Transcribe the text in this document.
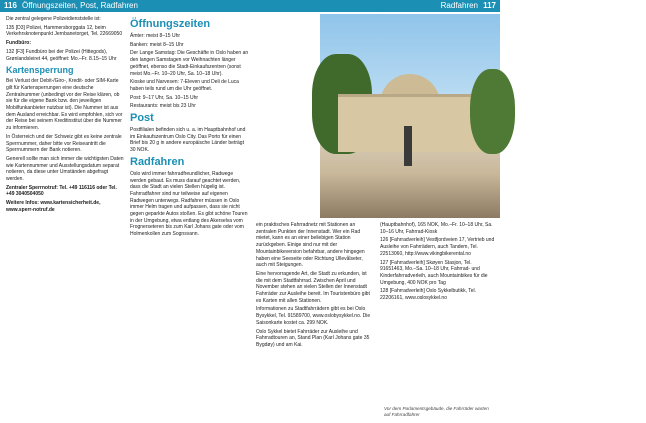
116 Öffnungszeiten, Post, Radfahren	Radfahren 117

Die zentral gelegene Polizeidienststelle ist:

135 [D3] Polizei, Hammersborggata 12, beim Verkehrsknotenpunkt Jernbanetorget, Tel. 22669050

Fundbüro:

132 [F3] Fundbüro bei der Polizei (Hittegods), Grønlandsleiret 44, geöffnet: Mo.–Fr. 8.15–15 Uhr

Kartensperrung

Bei Verlust der Debit-/Giro-, Kredit- oder SIM-Karte gilt für Kartensperrungen eine deutsche Zentralnummer (unbedingt vor der Reise klären, ob sie für die eigene Bank bzw. den jeweiligen Mobilfunkanbieter nutzbar ist). Die Nummer ist aus dem Ausland erreichbar. Es wird empfohlen, sich vor der Reise bei seinem Kreditinstitut über die Nummer zu informieren.

In Österreich und der Schweiz gibt es keine zentrale Sperrnummer, daher bitte vor Reiseantritt die Sperrnummern der Bank notieren.

Generell sollte man sich immer die wichtigsten Daten wie Kartennummer und Ausstellungsdatum separat notieren, da diese unter Umständen abgefragt werden.

Zentraler Sperrnotruf: Tel. +49 116116 oder Tel. +49 3040504050

Weitere Infos: www.kartensicherheit.de, www.sperr-notruf.de

Öffnungszeiten

Ämter: meist 8–15 Uhr

Banken: meist 8–15 Uhr

Der Lange Samstag: Die Geschäfte in Oslo haben an den langen Samstagen vor Weihnachten länger geöffnet, ebenso die Stadt-Einkaufszentren (sonst meist Mo.–Fr. 10–20 Uhr, Sa. 10–18 Uhr).

Kioske und Narvesen: 7-Eleven und Deli de Luca haben teils rund um die Uhr geöffnet.

Post: 9–17 Uhr, Sa. 10–15 Uhr

Restaurants: meist bis 23 Uhr

Post

Postfilialen befinden sich u. a. im Hauptbahnhof und im Einkaufszentrum Oslo City. Das Porto für einen Brief bis 20 g in andere europäische Länder beträgt 30 NOK.

Radfahren

Oslo wird immer fahrradfreundlicher, Radwege werden gebaut. Es muss darauf geachtet werden, dass die Stadt an vielen Stellen hügelig ist. Fahrradfahrer sind nur teilweise auf eigenen Radwegen unterwegs. Radfahrer müssen in Oslo immer Helm tragen und aufpassen, dass sie nicht gegen geparkte Autos stoßen. Es gibt schöne Touren in der Umgebung, etwa entlang des Akerselva vom Frognerseteren bis zum Karl Johans gate oder vom Holmenkollen zum Sognsvann.

103ol Abb.: Stock

ein praktisches Fahrradnetz mit Stationen an zentralen Punkten der Innenstadt. Wer ein Rad mietet, kann es an einer beliebigen Station zurückgeben. Einige sind nur mit der Mountainbikeversion befahrbar, andere hingegen haben eine Seeseite oder Richtung Ullevålseter, auch mit Steigungen.

Eine hervorragende Art, die Stadt zu erkunden, ist die mit dem Stadtfahrrad. Zwischen April und November stehen an vielen Stellen der Innenstadt Fahrräder zur Ausleihe bereit. Im Touristenbüro gibt es Karten mit allen Stationen.

Informationen zu Stadtfahrrädern gibt es bei Oslo Bysykkel, Tel. 91589700, www.oslobysykkel.no. Die Saisonkarte kostet ca. 299 NOK.

Oslo Sykkel bietet Fahrräder zur Ausleihe und Fahrradtouren an, Stand Plan (Karl Johans gate 35 Bygdøy) und am Kai.

(Hauptbahnhof), 165 NOK, Mo.–Fr. 10–18 Uhr, Sa. 10–16 Uhr, Fahrrad-Kiosk

126 [Fahrradverleih] Vestfjordveien 17, Vertrieb und Ausleihe von Fahrrädern, auch Tandem, Tel. 22513060, http://www.vikingbikerental.no

127 [Fahrradverleih] Skøyen Stasjon, Tel. 91651463, Mo.–Sa. 10–18 Uhr, Fahrrad- und Kinderfahrradverleih, auch Mountainbikes für die Umgebung, 400 NOK pro Tag

128 [Fahrradverleih] Oslo Sykkelbutikk, Tel. 22206161, www.oslosykkel.no

Vor dem Parlamentsgebäude, die Fahrräder warten auf Fahrradfahrer
